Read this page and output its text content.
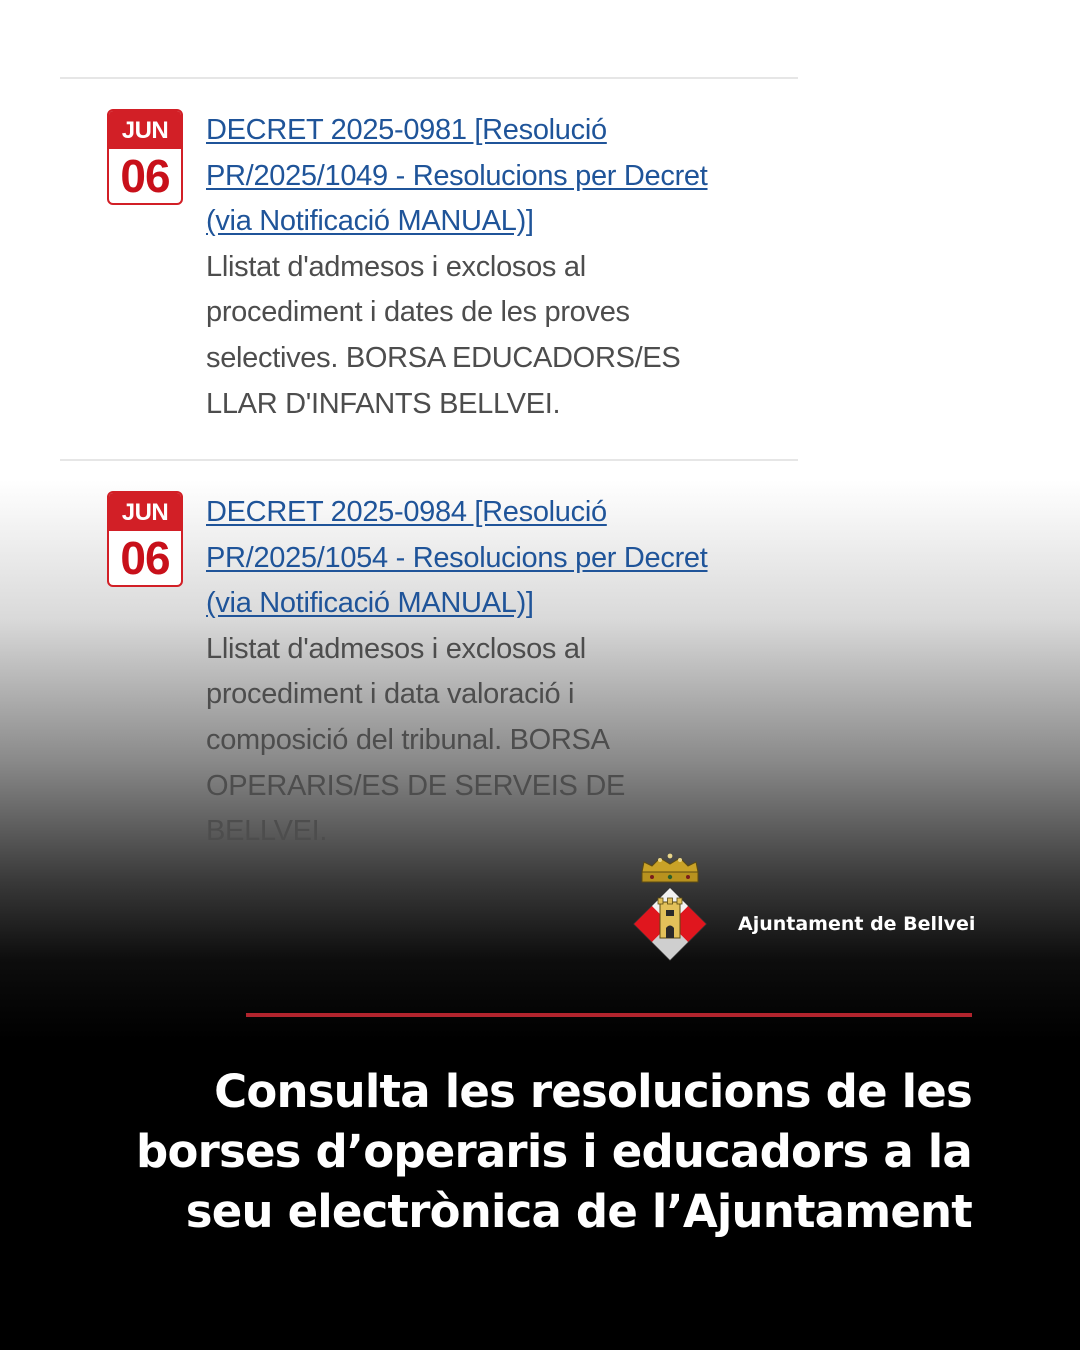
JUN
06
DECRET 2025-0981 [Resolució
PR/2025/1049 - Resolucions per Decret
(via Notificació MANUAL)]
Llistat d'admesos i exclosos al
procediment i dates de les proves
selectives. BORSA EDUCADORS/ES
LLAR D'INFANTS BELLVEI.
JUN
06
DECRET 2025-0984 [Resolució
PR/2025/1054 - Resolucions per Decret
(via Notificació MANUAL)]
Llistat d'admesos i exclosos al
procediment i data valoració i
composició del tribunal. BORSA
OPERARIS/ES DE SERVEIS DE
BELLVEI.
Ajuntament de Bellvei
Consulta les resolucions de les
borses d’operaris i educadors a la
seu electrònica de l’Ajuntament
